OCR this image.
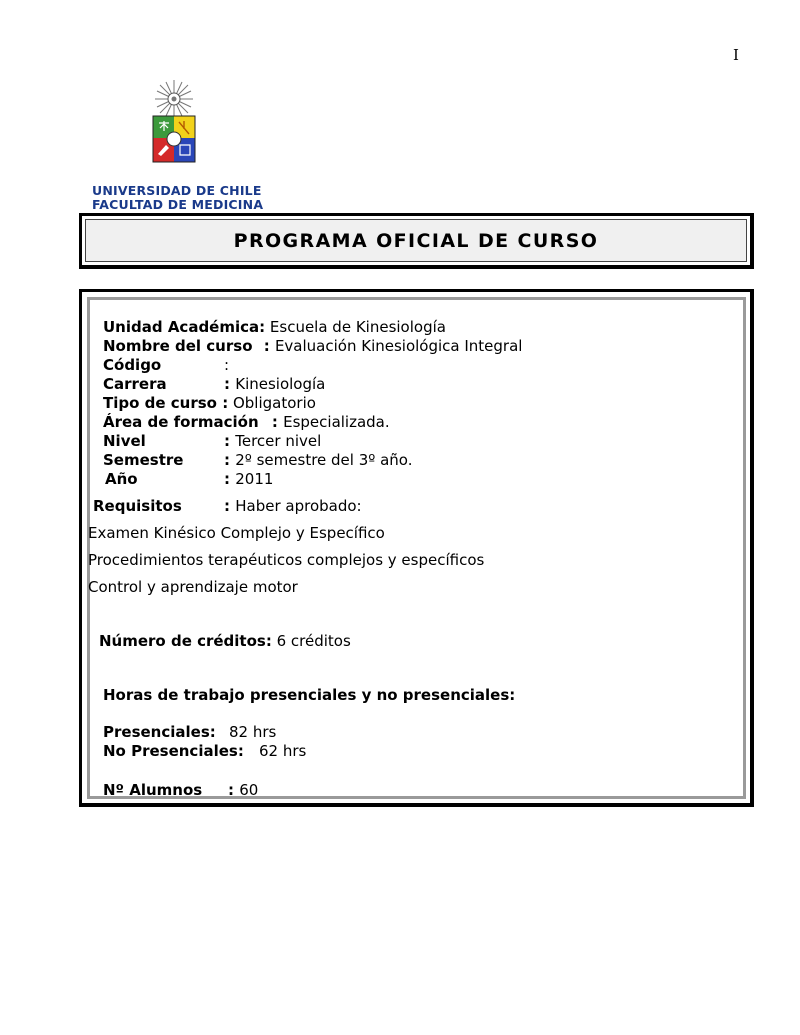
I
UNIVERSIDAD DE CHILE
FACULTAD DE MEDICINA
PROGRAMA OFICIAL DE CURSO
Unidad Académica: Escuela de Kinesiología
Nombre del curso : Evaluación Kinesiológica Integral
Código	:
Carrera	: Kinesiología
Tipo de curso : Obligatorio
Área de formación : Especializada.
Nivel	: Tercer nivel
Semestre	: 2º semestre del 3º año.
Año	: 2011
Requisitos	: Haber aprobado:
Examen Kinésico Complejo y Específico
Procedimientos terapéuticos complejos y específicos
Control y aprendizaje motor
Número de créditos: 6 créditos
Horas de trabajo presenciales y no presenciales:
Presenciales: 82 hrs
No Presenciales: 62 hrs
Nº Alumnos : 60
